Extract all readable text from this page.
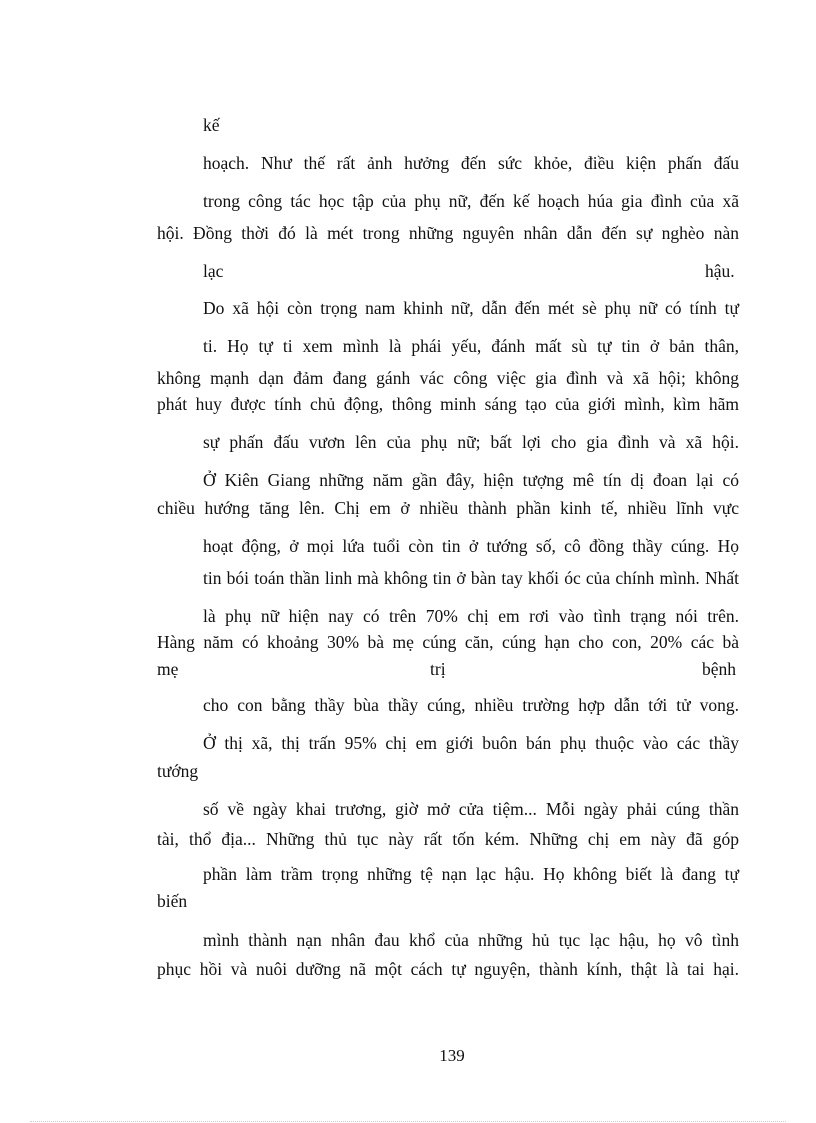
kế
hoạch. Như thế rất ảnh hưởng đến sức khỏe, điều kiện phấn đấu
trong công tác học tập của phụ nữ, đến kế hoạch húa gia đình của xã
hội. Đồng thời đó là mét trong những nguyên nhân dẫn đến sự nghèo nàn
lạc	hậu.
Do xã hội còn trọng nam khinh nữ, dẫn đến mét sè phụ nữ có tính tự
ti. Họ tự ti xem mình là phái yếu, đánh mất sù tự tin ở bản thân,
không mạnh dạn đảm đang gánh vác công việc gia đình và xã hội; không
phát huy được tính chủ động, thông minh sáng tạo của giới mình, kìm hãm
sự phấn đấu vươn lên của phụ nữ; bất lợi cho gia đình và xã hội.
Ở Kiên Giang những năm gần đây, hiện tượng mê tín dị đoan lại có
chiều hướng tăng lên. Chị em ở nhiều thành phần kinh tế, nhiều lĩnh vực
hoạt động, ở mọi lứa tuổi còn tin ở tướng số, cô đồng thầy cúng. Họ
tin bói toán thần linh mà không tin ở bàn tay khối óc của chính mình. Nhất
là phụ nữ hiện nay có trên 70% chị em rơi vào tình trạng nói trên.
Hàng năm có khoảng 30% bà mẹ cúng căn, cúng hạn cho con, 20% các bà
mẹ	trị	bệnh
cho con bằng thầy bùa thầy cúng, nhiều trường hợp dẫn tới tử vong.
Ở thị xã, thị trấn 95% chị em giới buôn bán phụ thuộc vào các thầy
tướng
số về ngày khai trương, giờ mở cửa tiệm... Mỗi ngày phải cúng thần
tài, thổ địa... Những thủ tục này rất tốn kém. Những chị em này đã góp
phần làm trầm trọng những tệ nạn lạc hậu. Họ không biết là đang tự
biến
mình thành nạn nhân đau khổ của những hủ tục lạc hậu, họ vô tình
phục hồi và nuôi dưỡng nã một cách tự nguyện, thành kính, thật là tai hại.
139
